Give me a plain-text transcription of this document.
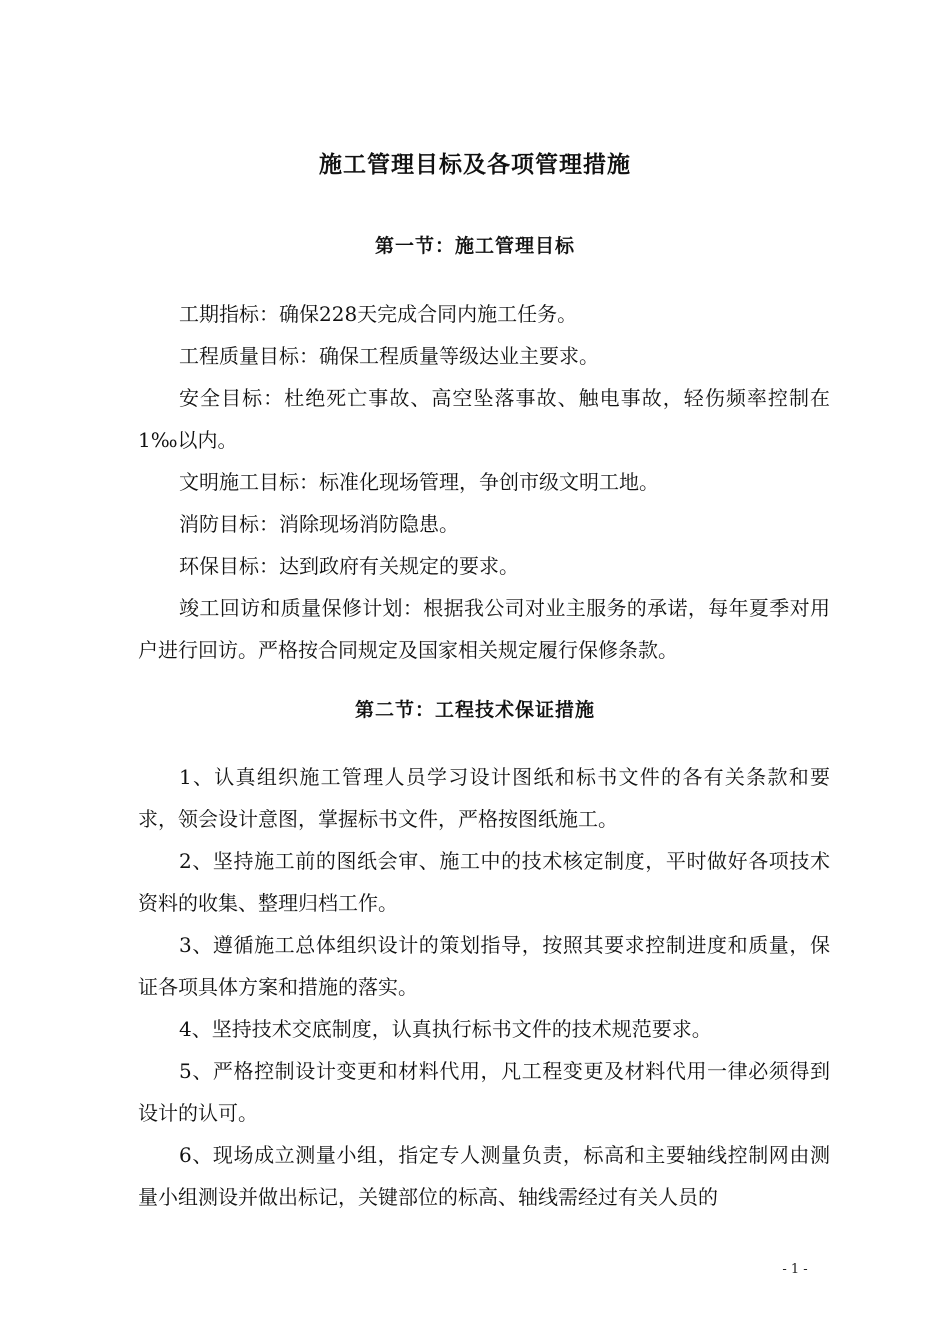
施工管理目标及各项管理措施
第一节：施工管理目标

工期指标：确保228天完成合同内施工任务。

工程质量目标：确保工程质量等级达业主要求。

安全目标：杜绝死亡事故、高空坠落事故、触电事故，轻伤频率控制在1‰以内。

文明施工目标：标准化现场管理，争创市级文明工地。

消防目标：消除现场消防隐患。

环保目标：达到政府有关规定的要求。

竣工回访和质量保修计划：根据我公司对业主服务的承诺，每年夏季对用户进行回访。严格按合同规定及国家相关规定履行保修条款。

第二节：工程技术保证措施

1、认真组织施工管理人员学习设计图纸和标书文件的各有关条款和要求，领会设计意图，掌握标书文件，严格按图纸施工。

2、坚持施工前的图纸会审、施工中的技术核定制度，平时做好各项技术资料的收集、整理归档工作。

3、遵循施工总体组织设计的策划指导，按照其要求控制进度和质量，保证各项具体方案和措施的落实。

4、坚持技术交底制度，认真执行标书文件的技术规范要求。

5、严格控制设计变更和材料代用，凡工程变更及材料代用一律必须得到设计的认可。

6、现场成立测量小组，指定专人测量负责，标高和主要轴线控制网由测量小组测设并做出标记，关键部位的标高、轴线需经过有关人员的

- 1 -
